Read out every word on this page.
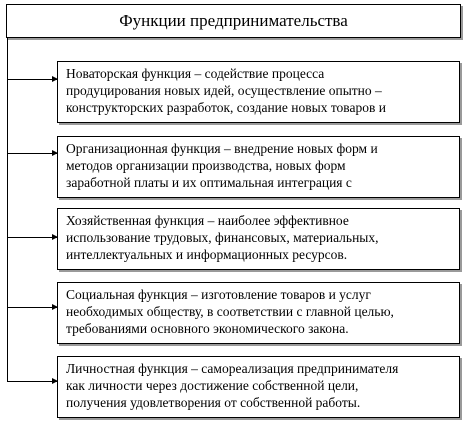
Функции предпринимательства
Новаторская функция – содействие процесса
продуцирования новых идей, осуществление опытно –
конструкторских разработок, создание новых товаров и
Организационная функция – внедрение новых форм и
методов организации производства, новых форм
заработной платы и их оптимальная интеграция с
Хозяйственная функция – наиболее эффективное
использование трудовых, финансовых, материальных,
интеллектуальных и информационных ресурсов.
Социальная функция – изготовление товаров и услуг
необходимых обществу, в соответствии с главной целью,
требованиями основного экономического закона.
Личностная функция – самореализация предпринимателя
как личности через достижение собственной цели,
получения удовлетворения от собственной работы.
